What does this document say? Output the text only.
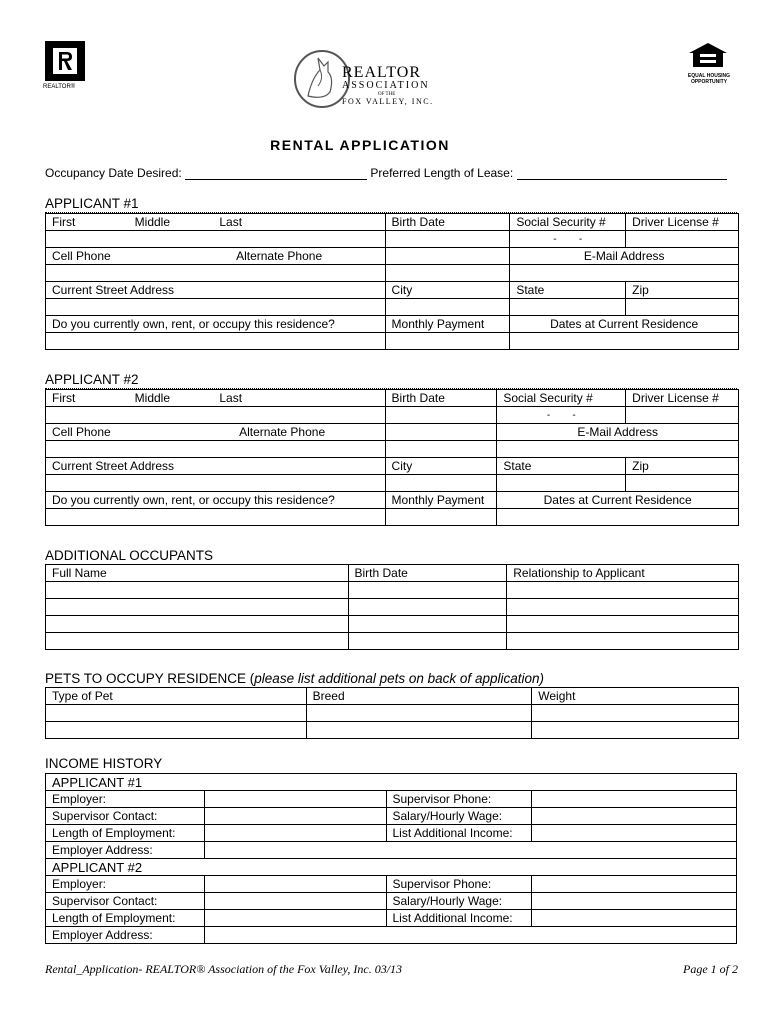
REALTOR®
REALTOR
ASSOCIATION
OF THE
FOX VALLEY, INC.
EQUAL HOUSING
OPPORTUNITY
RENTAL APPLICATION
Occupancy Date Desired:	Preferred Length of Lease:
APPLICANT #1
First Middle Last	Birth Date	Social Security #	Driver License #
		-        -	
Cell Phone Alternate Phone		E-Mail Address	

Current Street Address	City	State	Zip

Do you currently own, rent, or occupy this residence?	Monthly Payment	Dates at Current Residence	

APPLICANT #2
First Middle Last	Birth Date	Social Security #	Driver License #
		-        -	
Cell Phone Alternate Phone		E-Mail Address	

Current Street Address	City	State	Zip

Do you currently own, rent, or occupy this residence?	Monthly Payment	Dates at Current Residence	

ADDITIONAL OCCUPANTS
Full Name	Birth Date	Relationship to Applicant

PETS TO OCCUPY RESIDENCE (please list additional pets on back of application)
Type of Pet	Breed	Weight

INCOME HISTORY
APPLICANT #1			
Employer:		Supervisor Phone:	
Supervisor Contact:		Salary/Hourly Wage:	
Length of Employment:		List Additional Income:	
Employer Address:			
APPLICANT #2			
Employer:		Supervisor Phone:	
Supervisor Contact:		Salary/Hourly Wage:	
Length of Employment:		List Additional Income:	
Employer Address:			
Rental_Application- REALTOR® Association of the Fox Valley, Inc. 03/13	Page 1 of 2
